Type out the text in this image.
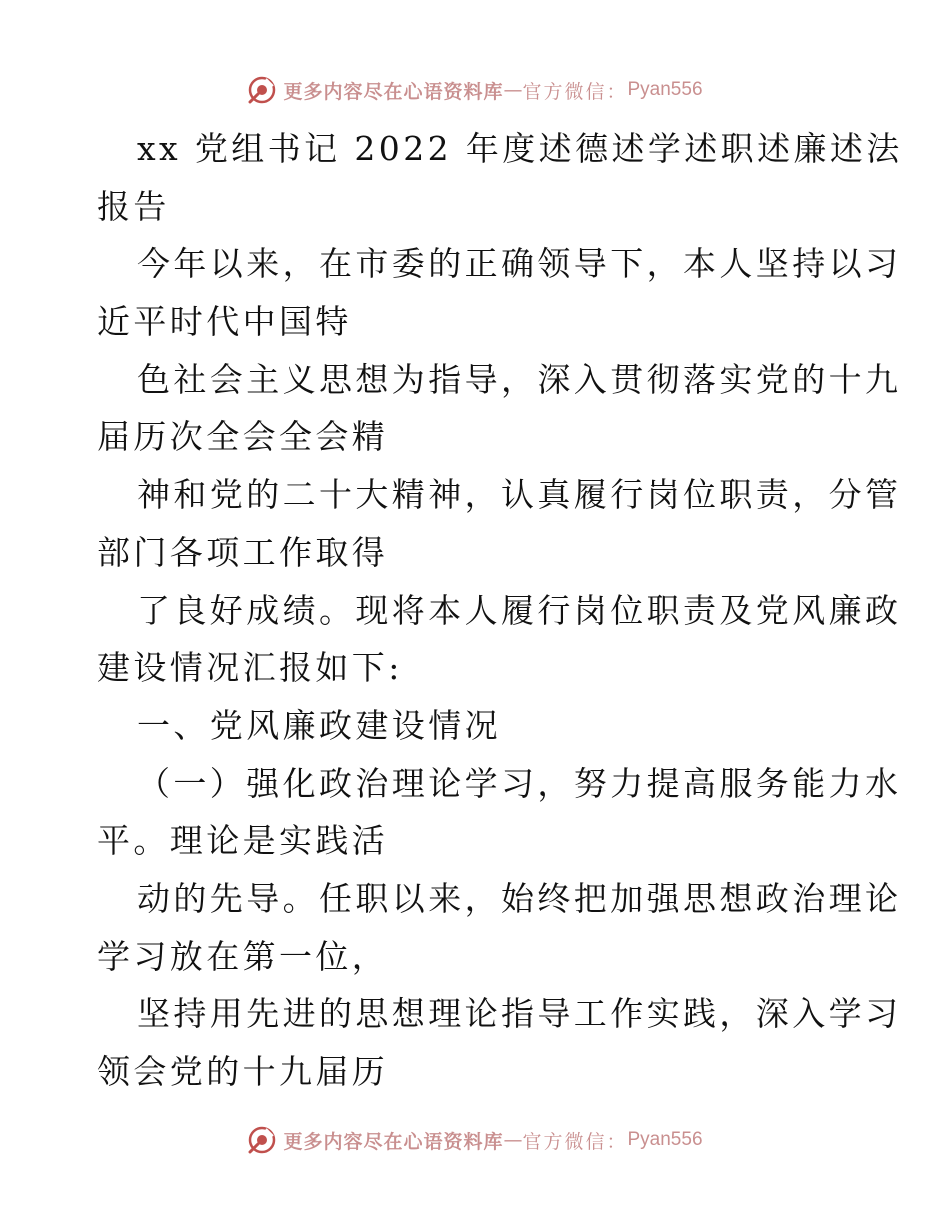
更多内容尽在心语资料库 — 官方微信： Pyan556
xx 党组书记 2022 年度述德述学述职述廉述法
报告
今年以来，在市委的正确领导下，本人坚持以习
近平时代中国特
色社会主义思想为指导，深入贯彻落实党的十九
届历次全会全会精
神和党的二十大精神，认真履行岗位职责，分管
部门各项工作取得
了良好成绩。现将本人履行岗位职责及党风廉政
建设情况汇报如下:
一、党风廉政建设情况
（一）强化政治理论学习，努力提高服务能力水
平。理论是实践活
动的先导。任职以来，始终把加强思想政治理论
学习放在第一位，
坚持用先进的思想理论指导工作实践，深入学习
领会党的十九届历
更多内容尽在心语资料库 — 官方微信： Pyan556
